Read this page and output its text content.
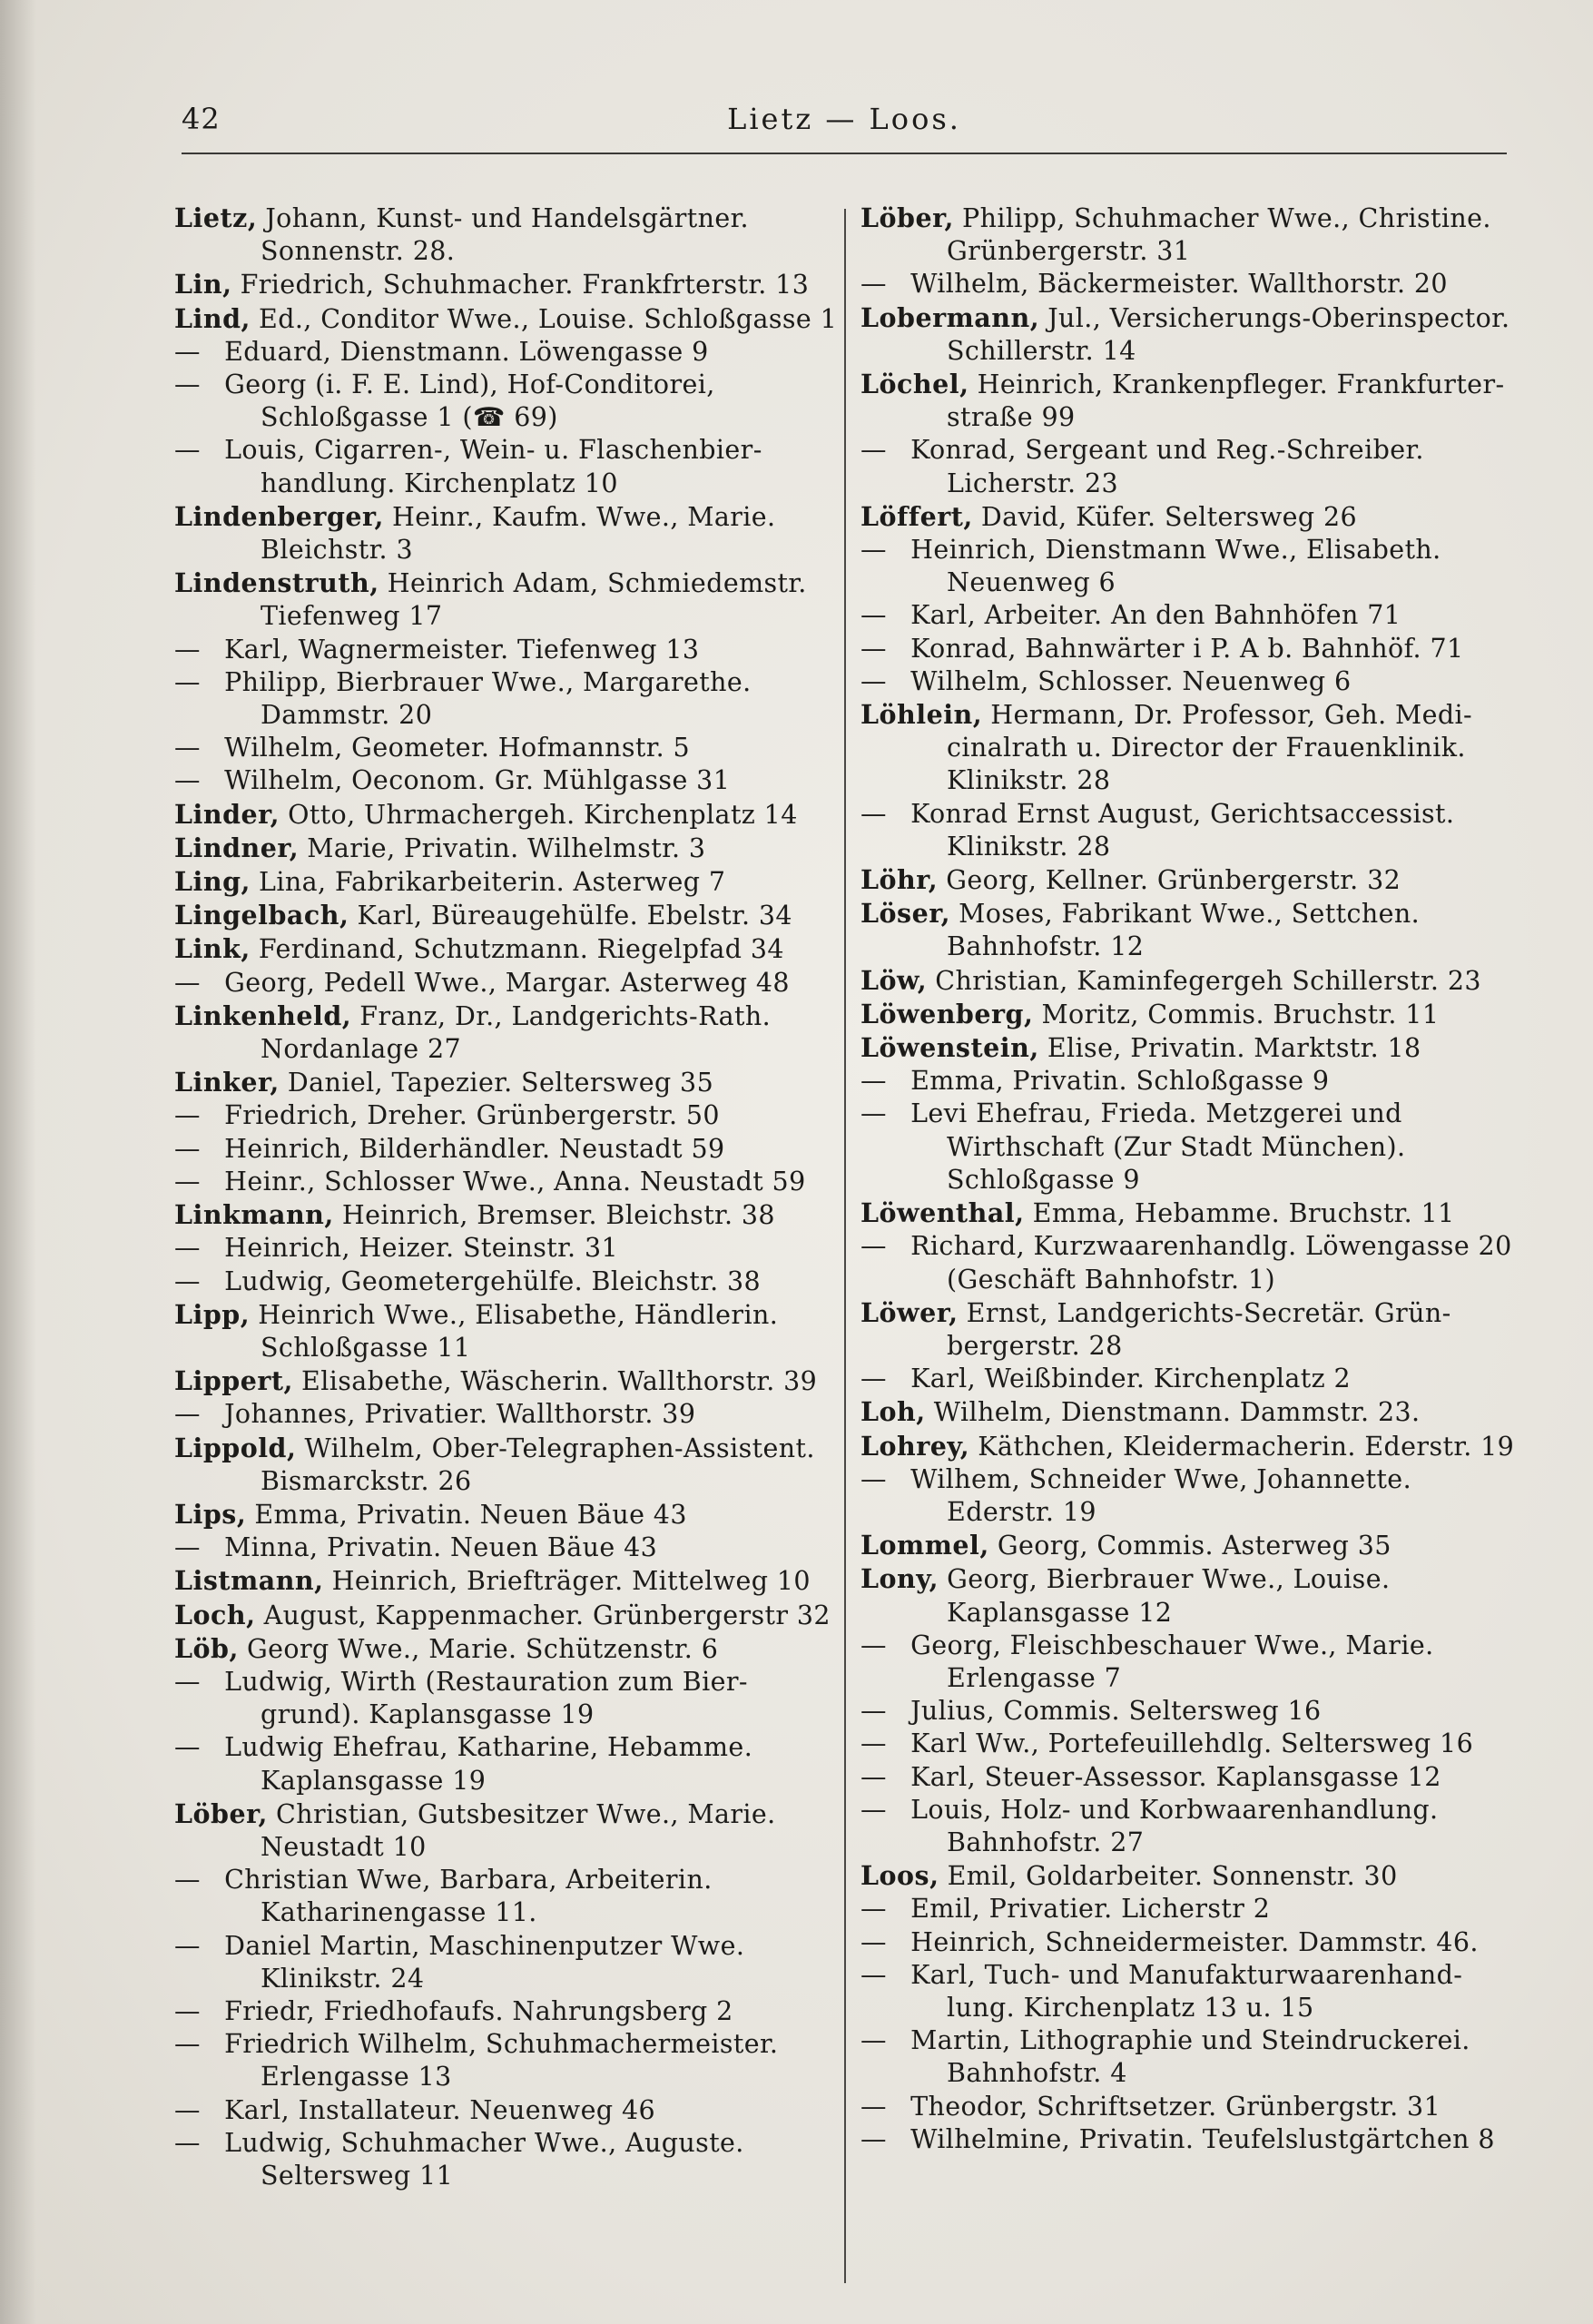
42	Lietz — Loos.
Lietz, Johann, Kunst- und Handelsgärtner.
Sonnenstr. 28.
Lin, Friedrich, Schuhmacher. Frankfrterstr. 13
Lind, Ed., Conditor Wwe., Louise. Schloßgasse 1
— Eduard, Dienstmann. Löwengasse 9
— Georg (i. F. E. Lind), Hof-Conditorei,
Schloßgasse 1 (☎ 69)
— Louis, Cigarren-, Wein- u. Flaschenbier-
handlung. Kirchenplatz 10
Lindenberger, Heinr., Kaufm. Wwe., Marie.
Bleichstr. 3
Lindenstruth, Heinrich Adam, Schmiedemstr.
Tiefenweg 17
— Karl, Wagnermeister. Tiefenweg 13
— Philipp, Bierbrauer Wwe., Margarethe.
Dammstr. 20
— Wilhelm, Geometer. Hofmannstr. 5
— Wilhelm, Oeconom. Gr. Mühlgasse 31
Linder, Otto, Uhrmachergeh. Kirchenplatz 14
Lindner, Marie, Privatin. Wilhelmstr. 3
Ling, Lina, Fabrikarbeiterin. Asterweg 7
Lingelbach, Karl, Büreaugehülfe. Ebelstr. 34
Link, Ferdinand, Schutzmann. Riegelpfad 34
— Georg, Pedell Wwe., Margar. Asterweg 48
Linkenheld, Franz, Dr., Landgerichts-Rath.
Nordanlage 27
Linker, Daniel, Tapezier. Seltersweg 35
— Friedrich, Dreher. Grünbergerstr. 50
— Heinrich, Bilderhändler. Neustadt 59
— Heinr., Schlosser Wwe., Anna. Neustadt 59
Linkmann, Heinrich, Bremser. Bleichstr. 38
— Heinrich, Heizer. Steinstr. 31
— Ludwig, Geometergehülfe. Bleichstr. 38
Lipp, Heinrich Wwe., Elisabethe, Händlerin.
Schloßgasse 11
Lippert, Elisabethe, Wäscherin. Wallthorstr. 39
— Johannes, Privatier. Wallthorstr. 39
Lippold, Wilhelm, Ober-Telegraphen-Assistent.
Bismarckstr. 26
Lips, Emma, Privatin. Neuen Bäue 43
— Minna, Privatin. Neuen Bäue 43
Listmann, Heinrich, Briefträger. Mittelweg 10
Loch, August, Kappenmacher. Grünbergerstr 32
Löb, Georg Wwe., Marie. Schützenstr. 6
— Ludwig, Wirth (Restauration zum Bier-
grund). Kaplansgasse 19
— Ludwig Ehefrau, Katharine, Hebamme.
Kaplansgasse 19
Löber, Christian, Gutsbesitzer Wwe., Marie.
Neustadt 10
— Christian Wwe, Barbara, Arbeiterin.
Katharinengasse 11.
— Daniel Martin, Maschinenputzer Wwe.
Klinikstr. 24
— Friedr, Friedhofaufs. Nahrungsberg 2
— Friedrich Wilhelm, Schuhmachermeister.
Erlengasse 13
— Karl, Installateur. Neuenweg 46
— Ludwig, Schuhmacher Wwe., Auguste.
Seltersweg 11
Löber, Philipp, Schuhmacher Wwe., Christine.
Grünbergerstr. 31
— Wilhelm, Bäckermeister. Wallthorstr. 20
Lobermann, Jul., Versicherungs-Oberinspector.
Schillerstr. 14
Löchel, Heinrich, Krankenpfleger. Frankfurter-
straße 99
— Konrad, Sergeant und Reg.-Schreiber.
Licherstr. 23
Löffert, David, Küfer. Seltersweg 26
— Heinrich, Dienstmann Wwe., Elisabeth.
Neuenweg 6
— Karl, Arbeiter. An den Bahnhöfen 71
— Konrad, Bahnwärter i P. A b. Bahnhöf. 71
— Wilhelm, Schlosser. Neuenweg 6
Löhlein, Hermann, Dr. Professor, Geh. Medi-
cinalrath u. Director der Frauenklinik.
Klinikstr. 28
— Konrad Ernst August, Gerichtsaccessist.
Klinikstr. 28
Löhr, Georg, Kellner. Grünbergerstr. 32
Löser, Moses, Fabrikant Wwe., Settchen.
Bahnhofstr. 12
Löw, Christian, Kaminfegergeh Schillerstr. 23
Löwenberg, Moritz, Commis. Bruchstr. 11
Löwenstein, Elise, Privatin. Marktstr. 18
— Emma, Privatin. Schloßgasse 9
— Levi Ehefrau, Frieda. Metzgerei und
Wirthschaft (Zur Stadt München).
Schloßgasse 9
Löwenthal, Emma, Hebamme. Bruchstr. 11
— Richard, Kurzwaarenhandlg. Löwengasse 20
(Geschäft Bahnhofstr. 1)
Löwer, Ernst, Landgerichts-Secretär. Grün-
bergerstr. 28
— Karl, Weißbinder. Kirchenplatz 2
Loh, Wilhelm, Dienstmann. Dammstr. 23.
Lohrey, Käthchen, Kleidermacherin. Ederstr. 19
— Wilhem, Schneider Wwe, Johannette.
Ederstr. 19
Lommel, Georg, Commis. Asterweg 35
Lony, Georg, Bierbrauer Wwe., Louise.
Kaplansgasse 12
— Georg, Fleischbeschauer Wwe., Marie.
Erlengasse 7
— Julius, Commis. Seltersweg 16
— Karl Ww., Portefeuillehdlg. Seltersweg 16
— Karl, Steuer-Assessor. Kaplansgasse 12
— Louis, Holz- und Korbwaarenhandlung.
Bahnhofstr. 27
Loos, Emil, Goldarbeiter. Sonnenstr. 30
— Emil, Privatier. Licherstr 2
— Heinrich, Schneidermeister. Dammstr. 46.
— Karl, Tuch- und Manufakturwaarenhand-
lung. Kirchenplatz 13 u. 15
— Martin, Lithographie und Steindruckerei.
Bahnhofstr. 4
— Theodor, Schriftsetzer. Grünbergstr. 31
— Wilhelmine, Privatin. Teufelslustgärtchen 8
